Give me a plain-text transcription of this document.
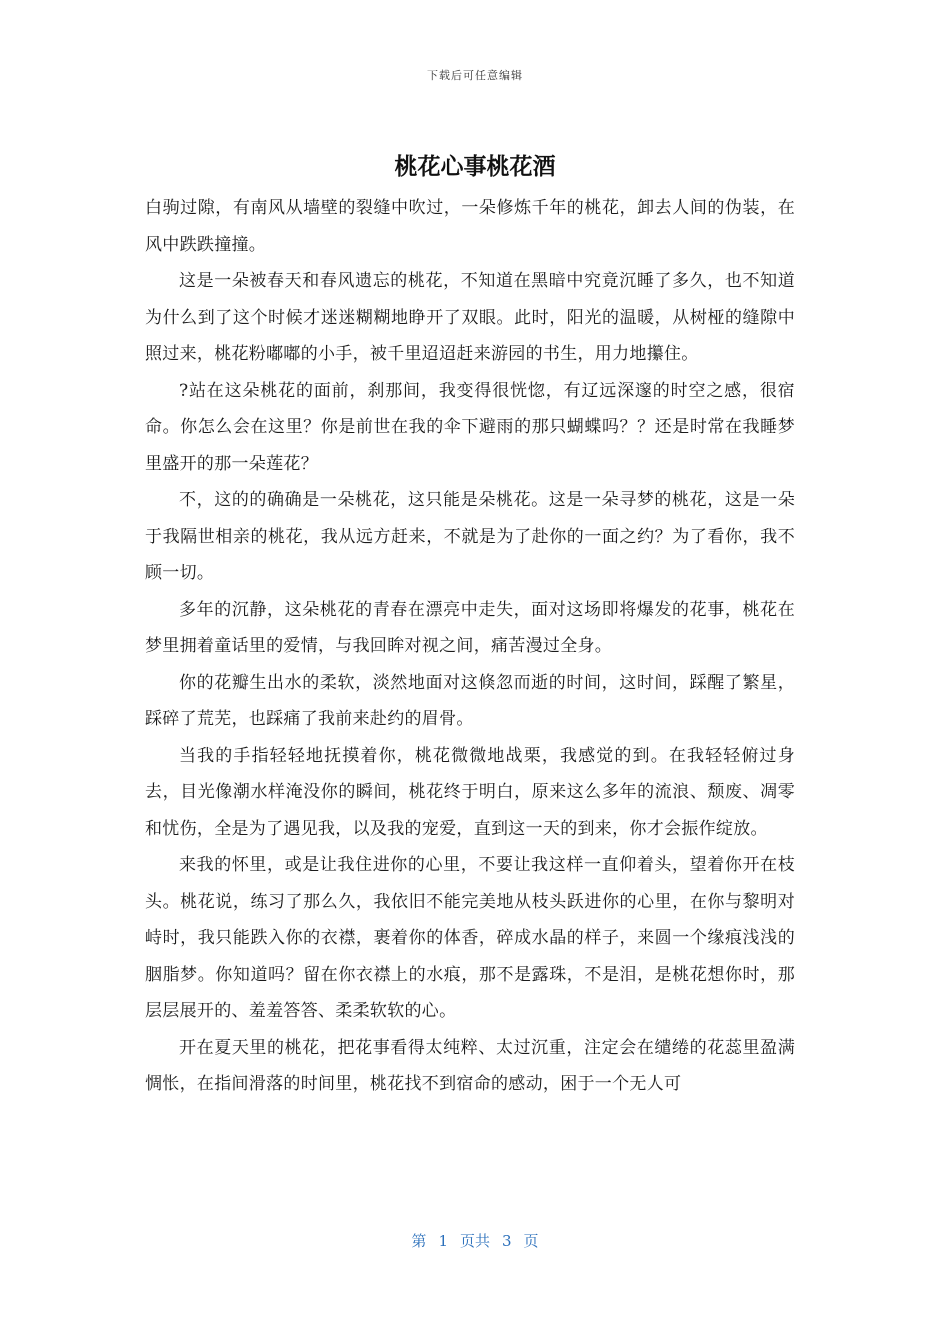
下载后可任意编辑
桃花心事桃花酒

白驹过隙，有南风从墙壁的裂缝中吹过，一朵修炼千年的桃花，卸去人间的伪装，在风中跌跌撞撞。

这是一朵被春天和春风遗忘的桃花，不知道在黑暗中究竟沉睡了多久，也不知道为什么到了这个时候才迷迷糊糊地睁开了双眼。此时，阳光的温暖，从树桠的缝隙中照过来，桃花粉嘟嘟的小手，被千里迢迢赶来游园的书生，用力地攥住。

?站在这朵桃花的面前，刹那间，我变得很恍惚，有辽远深邃的时空之感，很宿命。你怎么会在这里？你是前世在我的伞下避雨的那只蝴蝶吗？？还是时常在我睡梦里盛开的那一朵莲花？

不，这的的确确是一朵桃花，这只能是朵桃花。这是一朵寻梦的桃花，这是一朵于我隔世相亲的桃花，我从远方赶来，不就是为了赴你的一面之约？为了看你，我不顾一切。

多年的沉静，这朵桃花的青春在漂亮中走失，面对这场即将爆发的花事，桃花在梦里拥着童话里的爱情，与我回眸对视之间，痛苦漫过全身。

你的花瓣生出水的柔软，淡然地面对这倏忽而逝的时间，这时间，踩醒了繁星，踩碎了荒芜，也踩痛了我前来赴约的眉骨。

当我的手指轻轻地抚摸着你，桃花微微地战栗，我感觉的到。在我轻轻俯过身去，目光像潮水样淹没你的瞬间，桃花终于明白，原来这么多年的流浪、颓废、凋零和忧伤，全是为了遇见我，以及我的宠爱，直到这一天的到来，你才会振作绽放。

来我的怀里，或是让我住进你的心里，不要让我这样一直仰着头，望着你开在枝头。桃花说，练习了那么久，我依旧不能完美地从枝头跃进你的心里，在你与黎明对峙时，我只能跌入你的衣襟，裹着你的体香，碎成水晶的样子，来圆一个缘痕浅浅的胭脂梦。你知道吗？留在你衣襟上的水痕，那不是露珠，不是泪，是桃花想你时，那层层展开的、羞羞答答、柔柔软软的心。

开在夏天里的桃花，把花事看得太纯粹、太过沉重，注定会在缱绻的花蕊里盈满惆怅，在指间滑落的时间里，桃花找不到宿命的感动，困于一个无人可

第 1 页共 3 页
